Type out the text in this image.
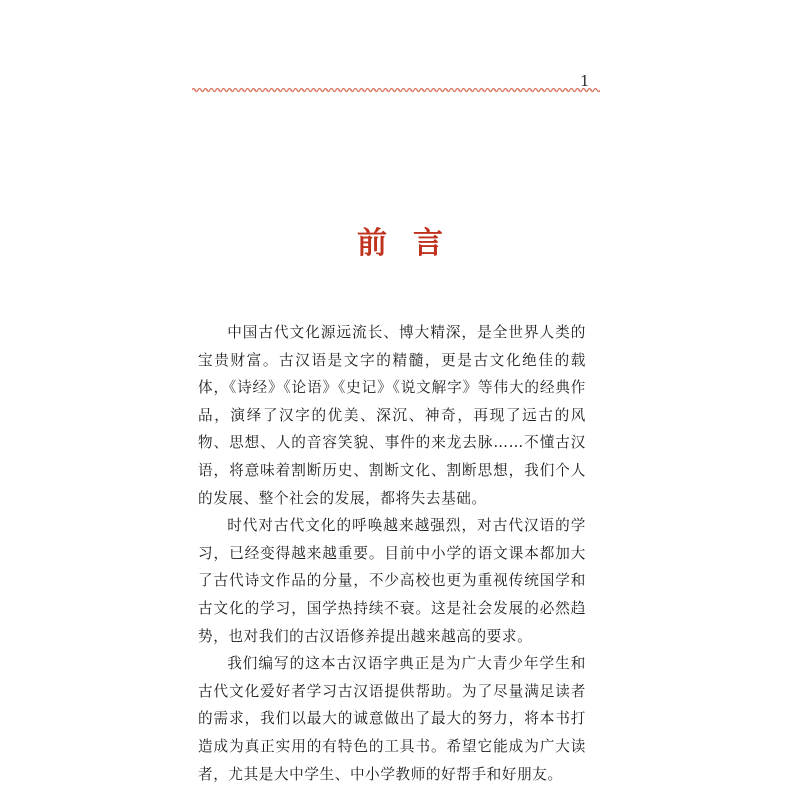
1
前言

中国古代文化源远流长、博大精深，是全世界人类的宝贵财富。古汉语是文字的精髓，更是古文化绝佳的载体，《诗经》《论语》《史记》《说文解字》等伟大的经典作品，演绎了汉字的优美、深沉、神奇，再现了远古的风物、思想、人的音容笑貌、事件的来龙去脉……不懂古汉语，将意味着割断历史、割断文化、割断思想，我们个人的发展、整个社会的发展，都将失去基础。

时代对古代文化的呼唤越来越强烈，对古代汉语的学习，已经变得越来越重要。目前中小学的语文课本都加大了古代诗文作品的分量，不少高校也更为重视传统国学和古文化的学习，国学热持续不衰。这是社会发展的必然趋势，也对我们的古汉语修养提出越来越高的要求。

我们编写的这本古汉语字典正是为广大青少年学生和古代文化爱好者学习古汉语提供帮助。为了尽量满足读者的需求，我们以最大的诚意做出了最大的努力，将本书打造成为真正实用的有特色的工具书。希望它能成为广大读者，尤其是大中学生、中小学教师的好帮手和好朋友。
